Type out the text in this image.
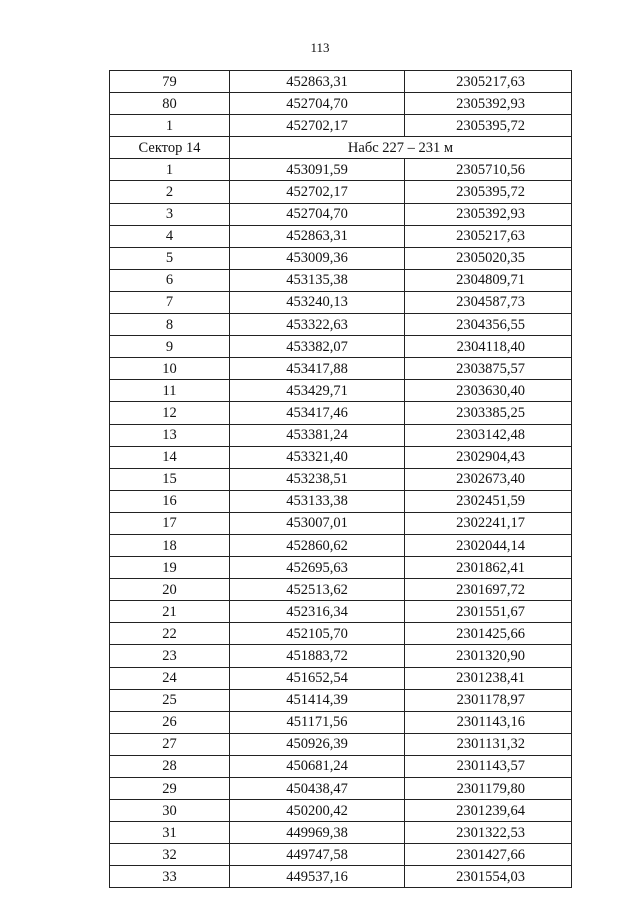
113
79	452863,31	2305217,63
80	452704,70	2305392,93
1	452702,17	2305395,72
Сектор 14	Набс 227 – 231 м	
1	453091,59	2305710,56
2	452702,17	2305395,72
3	452704,70	2305392,93
4	452863,31	2305217,63
5	453009,36	2305020,35
6	453135,38	2304809,71
7	453240,13	2304587,73
8	453322,63	2304356,55
9	453382,07	2304118,40
10	453417,88	2303875,57
11	453429,71	2303630,40
12	453417,46	2303385,25
13	453381,24	2303142,48
14	453321,40	2302904,43
15	453238,51	2302673,40
16	453133,38	2302451,59
17	453007,01	2302241,17
18	452860,62	2302044,14
19	452695,63	2301862,41
20	452513,62	2301697,72
21	452316,34	2301551,67
22	452105,70	2301425,66
23	451883,72	2301320,90
24	451652,54	2301238,41
25	451414,39	2301178,97
26	451171,56	2301143,16
27	450926,39	2301131,32
28	450681,24	2301143,57
29	450438,47	2301179,80
30	450200,42	2301239,64
31	449969,38	2301322,53
32	449747,58	2301427,66
33	449537,16	2301554,03
